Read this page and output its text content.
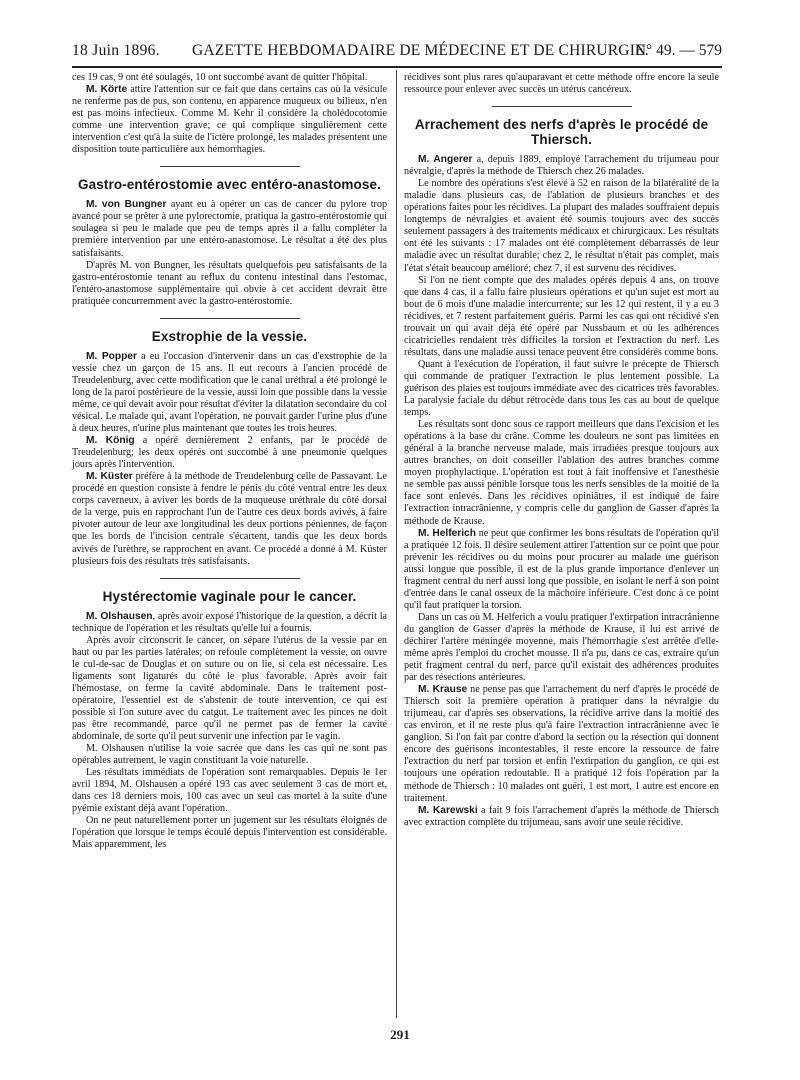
18 Juin 1896. GAZETTE HEBDOMADAIRE DE MÉDECINE ET DE CHIRURGIE.
N° 49. — 579

ces 19 cas, 9 ont été soulagés, 10 ont succombé avant de quitter l'hôpital.

M. Körte attire l'attention sur ce fait que dans certains cas où la vésicule ne renferme pas de pus, son contenu, en apparence muqueux ou bilieux, n'en est pas moins infectieux. Comme M. Kehr il considère la cholédocotomie comme une intervention grave; ce qui complique singulièrement cette intervention c'est qu'à la suite de l'ictère prolongé, les malades présentent une disposition toute particulière aux hémorrhagies.

Gastro-entérostomie avec entéro-anastomose.

M. von Bungner ayant eu à opérer un cas de cancer du pylore trop avancé pour se prêter à une pylorectomie, pratiqua la gastro-entérostomie qui soulagea si peu le malade que peu de temps après il a fallu compléter la première intervention par une entéro-anastomose. Le résultat a été des plus satisfaisants.

D'après M. von Bungner, les résultats quelquefois peu satisfaisants de la gastro-entérostomie tenant au reflux du contenu intestinal dans l'estomac, l'entéro-anastomose supplémentaire qui obvie à cet accident devrait être pratiquée concurremment avec la gastro-entérostomie.

Exstrophie de la vessie.

M. Popper a eu l'occasion d'intervenir dans un cas d'exstrophie de la vessie chez un garçon de 15 ans. Il eut recours à l'ancien procédé de Treudelenburg, avec cette modification que le canal uréthral a été prolongé le long de la paroi postérieure de la vessie, aussi loin que possible dans la vessie même, ce qui devait avoir pour résultat d'éviter la dilatation secondaire du col vésical. Le malade qui, avant l'opération, ne pouvait garder l'urine plus d'une à deux heures, n'urine plus maintenant que toutes les trois heures.

M. König a opéré dernièrement 2 enfants, par le procédé de Treudelenburg; les deux opérés ont succombé à une pneumonie quelques jours après l'intervention.

M. Küster préfère à la méthode de Treudelenburg celle de Passavant. Le procédé en question consiste à fendre le pénis du côté ventral entre les deux corps caverneux, à aviver les bords de la muqueuse uréthrale du côté dorsal de la verge, puis en rapprochant l'un de l'autre ces deux bords avivés, à faire pivoter autour de leur axe longitudinal les deux portions péniennes, de façon que les bords de l'incision centrale s'écartent, tandis que les deux bords avivés de l'urèthre, se rapprochent en avant. Ce procédé a donné à M. Küster plusieurs fois des résultats très satisfaisants.

Hystérectomie vaginale pour le cancer.

M. Olshausen, après avoir exposé l'historique de la question, a décrit la technique de l'opération et les résultats qu'elle lui a fournis.

Après avoir circonscrit le cancer, on sépare l'utérus de la vessie par en haut ou par les parties latérales; on refoule complètement la vessie, on ouvre le cul-de-sac de Douglas et on suture ou on lie, si cela est nécessaire. Les ligaments sont ligaturés du côté le plus favorable. Après avoir fait l'hémostase, on ferme la cavité abdominale. Dans le traitement post-opératoire, l'essentiel est de s'abstenir de toute intervention, ce qui est possible si l'on suture avec du catgut. Le traitement avec les pinces ne doit pas être recommandé, parce qu'il ne permet pas de fermer la cavité abdominale, de sorte qu'il peut survenir une infection par le vagin.

M. Olshausen n'utilise la voie sacrée que dans les cas qui ne sont pas opérables autrement, le vagin constituant la voie naturelle.

Les résultats immédiats de l'opération sont remarquables. Depuis le 1er avril 1894, M. Olshausen a opéré 193 cas avec seulement 3 cas de mort et, dans ces 18 derniers mois, 100 cas avec un seul cas mortel à la suite d'une pyémie existant déjà avant l'opération.

On ne peut naturellement porter un jugement sur les résultats éloignés de l'opération que lorsque le temps écoulé depuis l'intervention est considérable. Mais apparemment, les

récidives sont plus rares qu'auparavant et cette méthode offre encore la seule ressource pour enlever avec succès un utérus cancéreux.

Arrachement des nerfs d'après le procédé de Thiersch.

M. Angerer a, depuis 1889, employé l'arrachement du trijumeau pour névralgie, d'après la méthode de Thiersch chez 26 malades.

Le nombre des opérations s'est élevé à 52 en raison de la bilatéralité de la maladie dans plusieurs cas, de l'ablation de plusieurs branches et des opérations faites pour les récidives. La plupart des malades souffraient depuis longtemps de névralgies et avaient été soumis toujours avec des succès seulement passagers à des traitements médicaux et chirurgicaux. Les résultats ont été les suivants : 17 malades ont été complètement débarrassés de leur maladie avec un résultat durable; chez 2, le résultat n'était pas complet, mais l'état s'était beaucoup amélioré; chez 7, il est survenu des récidives.

Si l'on ne tient compte que des malades opérés depuis 4 ans, on trouve que dans 4 cas, il a fallu faire plusieurs opérations et qu'un sujet est mort au bout de 6 mois d'une maladie intercurrente; sur les 12 qui restent, il y a eu 3 récidives, et 7 restent parfaitement guéris. Parmi les cas qui ont récidivé s'en trouvait un qui avait déjà été opéré par Nussbaum et où les adhérences cicatricielles rendaient très difficiles la torsion et l'extraction du nerf. Les résultats, dans une maladie aussi tenace peuvent être considérés comme bons.

Quant à l'exécution de l'opération, il faut suivre le précepte de Thiersch qui commande de pratiquer l'extraction le plus lentement possible. La guérison des plaies est toujours immédiate avec des cicatrices très favorables. La paralysie faciale du début rétrocède dans tous les cas au bout de quelque temps.

Les résultats sont donc sous ce rapport meilleurs que dans l'excision et les opérations à la base du crâne. Comme les douleurs ne sont pas limitées en général à la branche nerveuse malade, mais irradiées presque toujours aux autres branches, on doit conseiller l'ablation des autres branches comme moyen prophylactique. L'opération est tout à fait inoffensive et l'anesthésie ne semble pas aussi pénible lorsque tous les nerfs sensibles de la moitié de la face sont enlevés. Dans les récidives opiniâtres, il est indiqué de faire l'extraction intracrânienne, y compris celle du ganglion de Gasser d'après la méthode de Krause.

M. Helferich ne peut que confirmer les bons résultats de l'opération qu'il a pratiquée 12 fois. Il désire seulement attirer l'attention sur ce point que pour prévenir les récidives ou du moins pour procurer au malade une guérison aussi longue que possible, il est de la plus grande importance d'enlever un fragment central du nerf aussi long que possible, en isolant le nerf à son point d'entrée dans le canal osseux de la mâchoire inférieure. C'est donc à ce point qu'il faut pratiquer la torsion.

Dans un cas où M. Helferich a voulu pratiquer l'extirpation intracrânienne du ganglion de Gasser d'après la méthode de Krause, il lui est arrivé de déchirer l'artère méningée moyenne, mais l'hémorrhagie s'est arrêtée d'elle-même après l'emploi du crochet mousse. Il n'a pu, dans ce cas, extraire qu'un petit fragment central du nerf, parce qu'il existait des adhérences produites par des résections antérieures.

M. Krause ne pense pas que l'arrachement du nerf d'après le procédé de Thiersch soit la première opération à pratiquer dans la névralgie du trijumeau, car d'après ses observations, la récidive arrive dans la moitié des cas environ, et il ne reste plus qu'à faire l'extraction intracrânienne avec le ganglion. Si l'on fait par contre d'abord la section ou la résection qui donnent encore des guérisons incontestables, il reste encore la ressource de faire l'extraction du nerf par torsion et enfin l'extirpation du ganglion, ce qui est toujours une opération redoutable. Il a pratiqué 12 fois l'opération par la méthode de Thiersch : 10 malades ont guéri, 1 est mort, 1 autre est encore en traitement.

M. Karewski a fait 9 fois l'arrachement d'après la méthode de Thiersch avec extraction complète du trijumeau, sans avoir une seule récidive.

291
